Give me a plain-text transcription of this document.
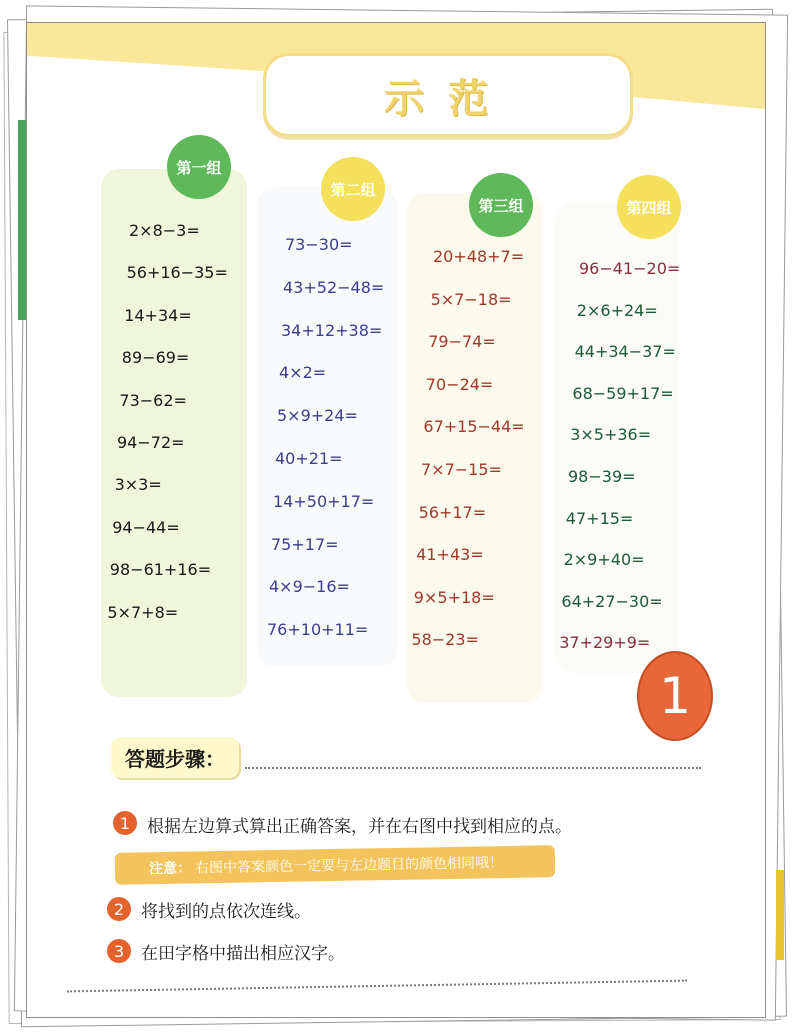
示范
第一组
2×8−3=
56+16−35=
14+34=
89−69=
73−62=
94−72=
3×3=
94−44=
98−61+16=
5×7+8=
第二组
73−30=
43+52−48=
34+12+38=
4×2=
5×9+24=
40+21=
14+50+17=
75+17=
4×9−16=
76+10+11=
第三组
20+48+7=
5×7−18=
79−74=
70−24=
67+15−44=
7×7−15=
56+17=
41+43=
9×5+18=
58−23=
第四组
96−41−20=
2×6+24=
44+34−37=
68−59+17=
3×5+36=
98−39=
47+15=
2×9+40=
64+27−30=
37+29+9=
1
答题步骤：
1 根据左边算式算出正确答案，并在右图中找到相应的点。
注意： 右图中答案颜色一定要与左边题目的颜色相同哦！
2 将找到的点依次连线。
3 在田字格中描出相应汉字。
